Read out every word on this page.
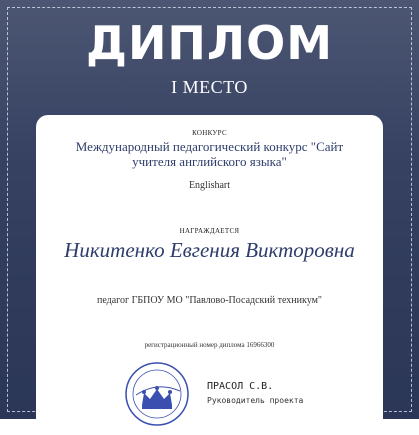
ДИПЛОМ
I МЕСТО
КОНКУРС
Международный педагогический конкурс "Сайт учителя английского языка"
Englishart
НАГРАЖДАЕТСЯ
Никитенко Евгения Викторовна
педагог ГБПОУ МО "Павлово-Посадский техникум"
регистрационный номер диплома 16966300
ПРАСОЛ С.В.
Руководитель проекта
